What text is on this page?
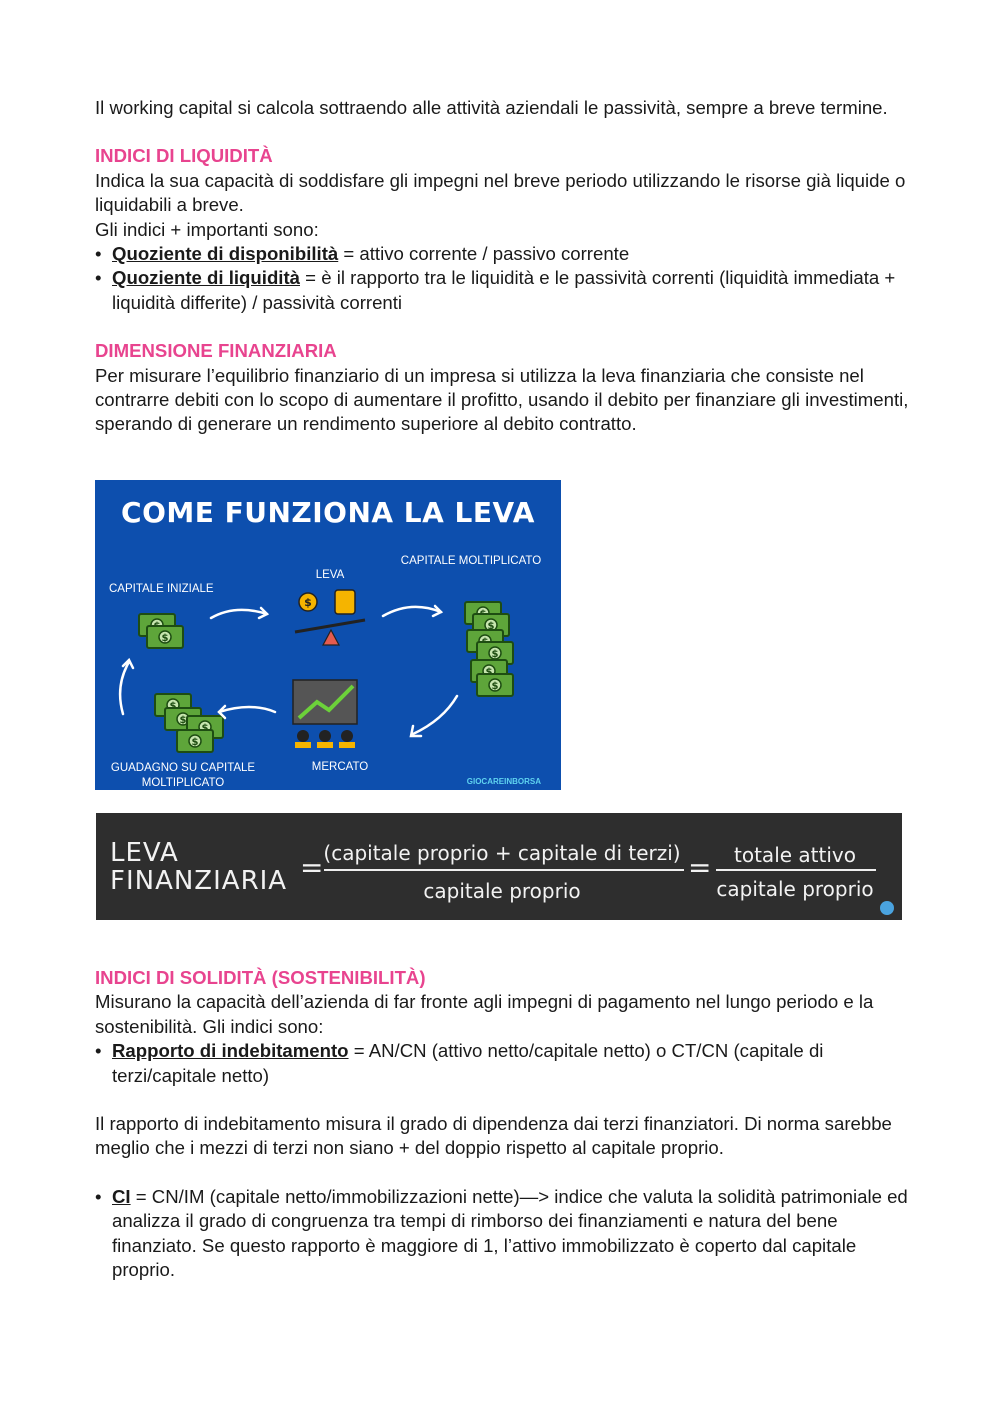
Il working capital si calcola sottraendo alle attività aziendali le passività, sempre a breve termine.

INDICI DI LIQUIDITÀ

Indica la sua capacità di soddisfare gli impegni nel breve periodo utilizzando le risorse già liquide o liquidabili a breve.

Gli indici + importanti sono:

• Quoziente di disponibilità = attivo corrente / passivo corrente
• Quoziente di liquidità = è il rapporto tra le liquidità e le passività correnti (liquidità immediata + liquidità differite) / passività correnti

DIMENSIONE FINANZIARIA

Per misurare l’equilibrio finanziario di un impresa si utilizza la leva finanziaria che consiste nel contrarre debiti con lo scopo di aumentare il profitto, usando il debito per finanziare gli investimenti, sperando di generare un rendimento superiore al debito contratto.

COME FUNZIONA LA LEVA
CAPITALE INIZIALE
LEVA
CAPITALE MOLTIPLICATO
MERCATO
GUADAGNO SU CAPITALE MOLTIPLICATO	GIOCAREINBORSA
$
$
LEVA FINANZIARIA = (capitale proprio + capitale di terzi)
capitale proprio
=	totale attivo
capitale proprio

INDICI DI SOLIDITÀ (SOSTENIBILITÀ)

Misurano la capacità dell’azienda di far fronte agli impegni di pagamento nel lungo periodo e la sostenibilità. Gli indici sono:

• Rapporto di indebitamento = AN/CN (attivo netto/capitale netto) o CT/CN (capitale di terzi/capitale netto)

Il rapporto di indebitamento misura il grado di dipendenza dai terzi finanziatori. Di norma sarebbe meglio che i mezzi di terzi non siano + del doppio rispetto al capitale proprio.

• CI = CN/IM (capitale netto/immobilizzazioni nette)—> indice che valuta la solidità patrimoniale ed analizza il grado di congruenza tra tempi di rimborso dei finanziamenti e natura del bene finanziato. Se questo rapporto è maggiore di 1, l’attivo immobilizzato è coperto dal capitale proprio.
